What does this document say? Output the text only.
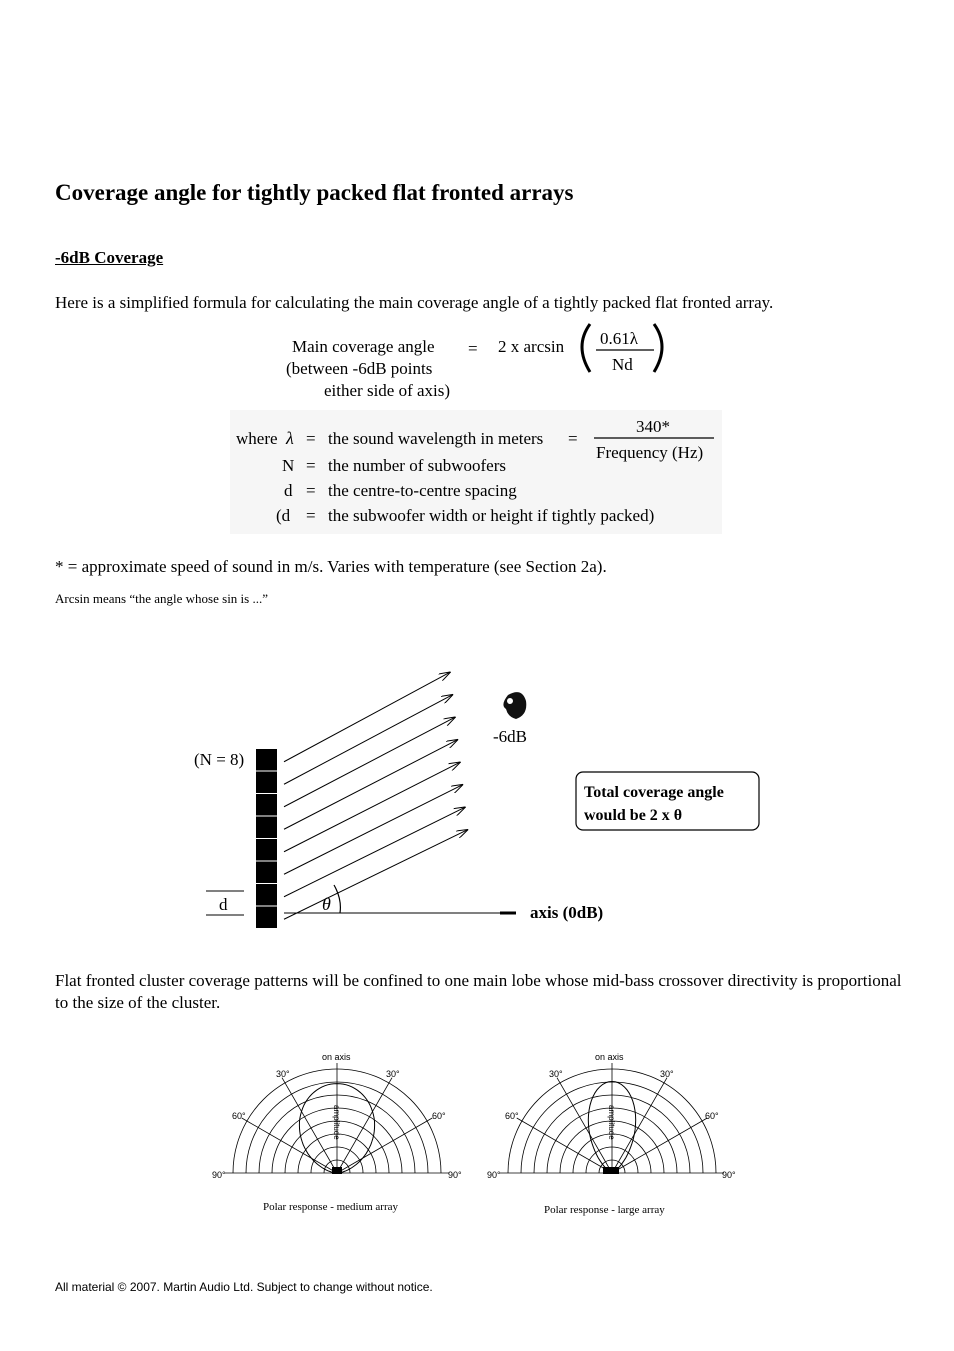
Coverage angle for tightly packed flat fronted arrays
-6dB Coverage
Here is a simplified formula for calculating the main coverage angle of a tightly packed flat fronted array.
Main coverage angle
(between -6dB points
either side of axis)
= 2 x arcsin 0.61λ
Nd
where λ = the sound wavelength in meters =
340*
Frequency (Hz)
N = the number of subwoofers
d = the centre-to-centre spacing
(d = the subwoofer width or height if tightly packed)
* = approximate speed of sound in m/s. Varies with temperature (see Section 2a).
Arcsin means “the angle whose sin is ...”
(N = 8)
d	axis (0dB)
θ
-6dB
Total coverage angle
would be 2 x θ
Flat fronted cluster coverage patterns will be confined to one main lobe whose mid-bass crossover directivity is proportional to the size of the cluster.
on axis
30°	30°
60°	60°
90°	90°
amplitude
Polar response - medium array
on axis
30°	30°
60°	60°
90°	90°
amplitude
Polar response - large array
All material © 2007. Martin Audio Ltd. Subject to change without notice.
